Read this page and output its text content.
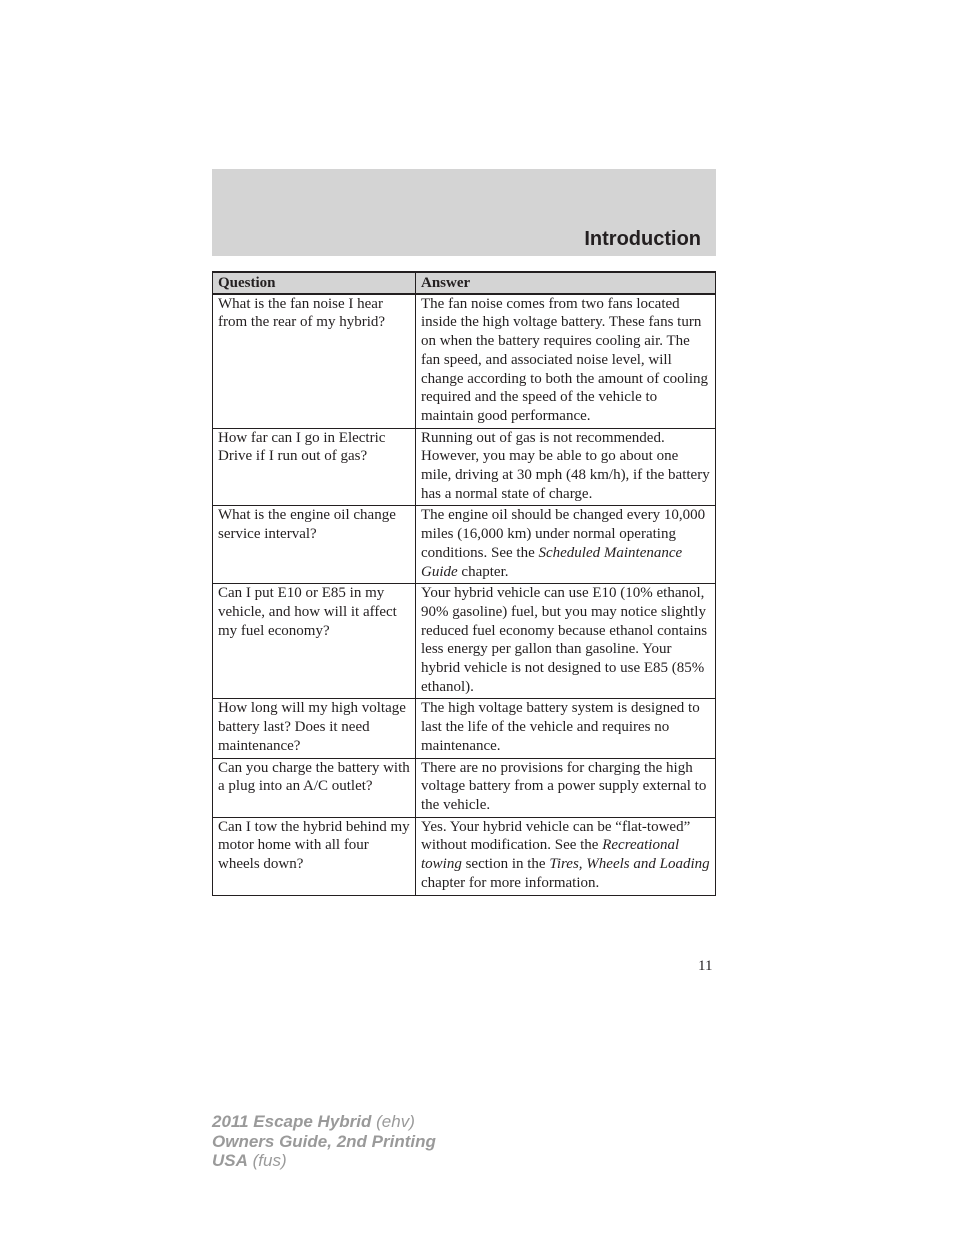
Introduction
Question	Answer
What is the fan noise I hear from the rear of my hybrid?	The fan noise comes from two fans located inside the high voltage battery. These fans turn on when the battery requires cooling air. The fan speed, and associated noise level, will change according to both the amount of cooling required and the speed of the vehicle to maintain good performance.
How far can I go in Electric Drive if I run out of gas?	Running out of gas is not recommended. However, you may be able to go about one mile, driving at 30 mph (48 km/h), if the battery has a normal state of charge.
What is the engine oil change service interval?	The engine oil should be changed every 10,000 miles (16,000 km) under normal operating conditions. See the Scheduled Maintenance Guide chapter.
Can I put E10 or E85 in my vehicle, and how will it affect my fuel economy?	Your hybrid vehicle can use E10 (10% ethanol, 90% gasoline) fuel, but you may notice slightly reduced fuel economy because ethanol contains less energy per gallon than gasoline. Your hybrid vehicle is not designed to use E85 (85% ethanol).
How long will my high voltage battery last? Does it need maintenance?	The high voltage battery system is designed to last the life of the vehicle and requires no maintenance.
Can you charge the battery with a plug into an A/C outlet?	There are no provisions for charging the high voltage battery from a power supply external to the vehicle.
Can I tow the hybrid behind my motor home with all four wheels down?	Yes. Your hybrid vehicle can be “flat-towed” without modification. See the Recreational towing section in the Tires, Wheels and Loading chapter for more information.
11
2011 Escape Hybrid (ehv)
Owners Guide, 2nd Printing
USA (fus)
